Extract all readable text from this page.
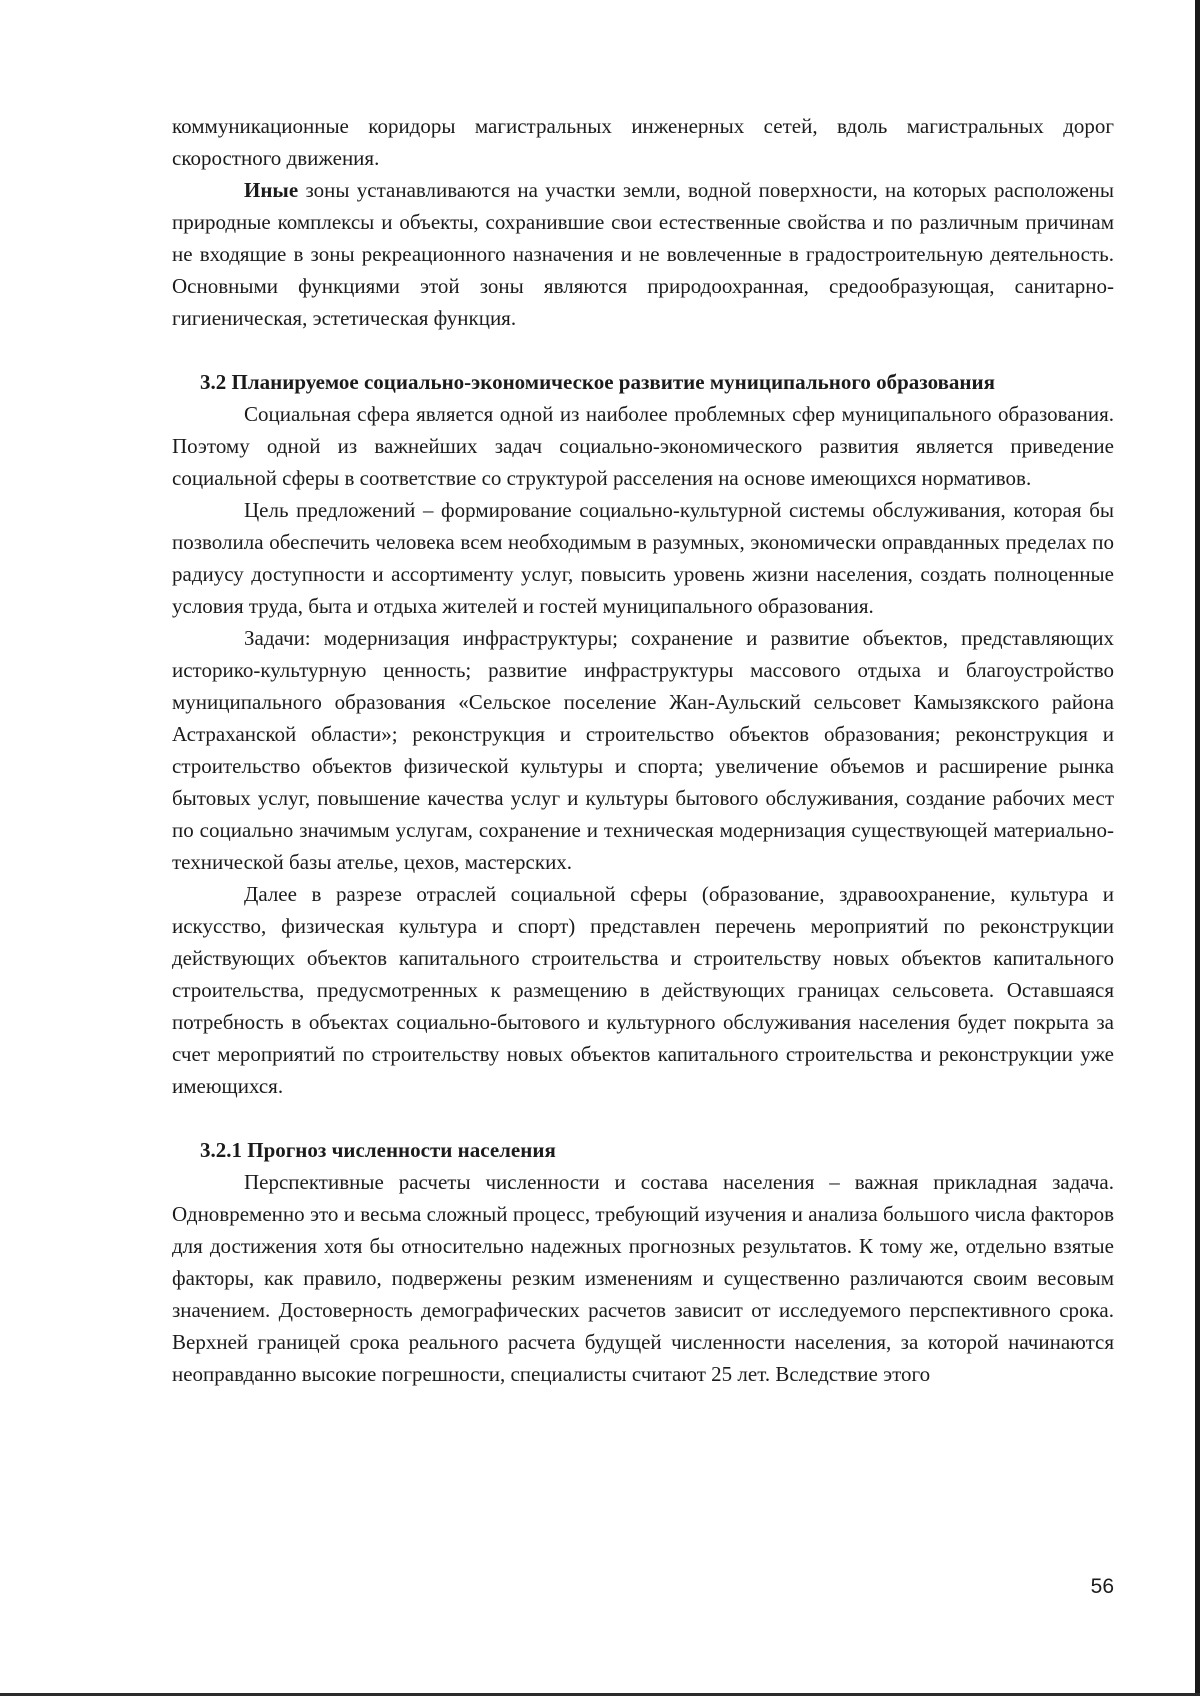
коммуникационные коридоры магистральных инженерных сетей, вдоль магистральных дорог скоростного движения.

Иные зоны устанавливаются на участки земли, водной поверхности, на которых расположены природные комплексы и объекты, сохранившие свои естественные свойства и по различным причинам не входящие в зоны рекреационного назначения и не вовлеченные в градостроительную деятельность. Основными функциями этой зоны являются природоохранная, средообразующая, санитарно-гигиеническая, эстетическая функция.

3.2 Планируемое социально-экономическое развитие муниципального образования

Социальная сфера является одной из наиболее проблемных сфер муниципального образования. Поэтому одной из важнейших задач социально-экономического развития является приведение социальной сферы в соответствие со структурой расселения на основе имеющихся нормативов.

Цель предложений – формирование социально-культурной системы обслуживания, которая бы позволила обеспечить человека всем необходимым в разумных, экономически оправданных пределах по радиусу доступности и ассортименту услуг, повысить уровень жизни населения, создать полноценные условия труда, быта и отдыха жителей и гостей муниципального образования.

Задачи: модернизация инфраструктуры; сохранение и развитие объектов, представляющих историко-культурную ценность; развитие инфраструктуры массового отдыха и благоустройство муниципального образования «Сельское поселение Жан-Аульский сельсовет Камызякского района Астраханской области»; реконструкция и строительство объектов образования; реконструкция и строительство объектов физической культуры и спорта; увеличение объемов и расширение рынка бытовых услуг, повышение качества услуг и культуры бытового обслуживания, создание рабочих мест по социально значимым услугам, сохранение и техническая модернизация существующей материально-технической базы ателье, цехов, мастерских.

Далее в разрезе отраслей социальной сферы (образование, здравоохранение, культура и искусство, физическая культура и спорт) представлен перечень мероприятий по реконструкции действующих объектов капитального строительства и строительству новых объектов капитального строительства, предусмотренных к размещению в действующих границах сельсовета. Оставшаяся потребность в объектах социально-бытового и культурного обслуживания населения будет покрыта за счет мероприятий по строительству новых объектов капитального строительства и реконструкции уже имеющихся.

3.2.1 Прогноз численности населения

Перспективные расчеты численности и состава населения – важная прикладная задача. Одновременно это и весьма сложный процесс, требующий изучения и анализа большого числа факторов для достижения хотя бы относительно надежных прогнозных результатов. К тому же, отдельно взятые факторы, как правило, подвержены резким изменениям и существенно различаются своим весовым значением. Достоверность демографических расчетов зависит от исследуемого перспективного срока. Верхней границей срока реального расчета будущей численности населения, за которой начинаются неоправданно высокие погрешности, специалисты считают 25 лет. Вследствие этого

56
